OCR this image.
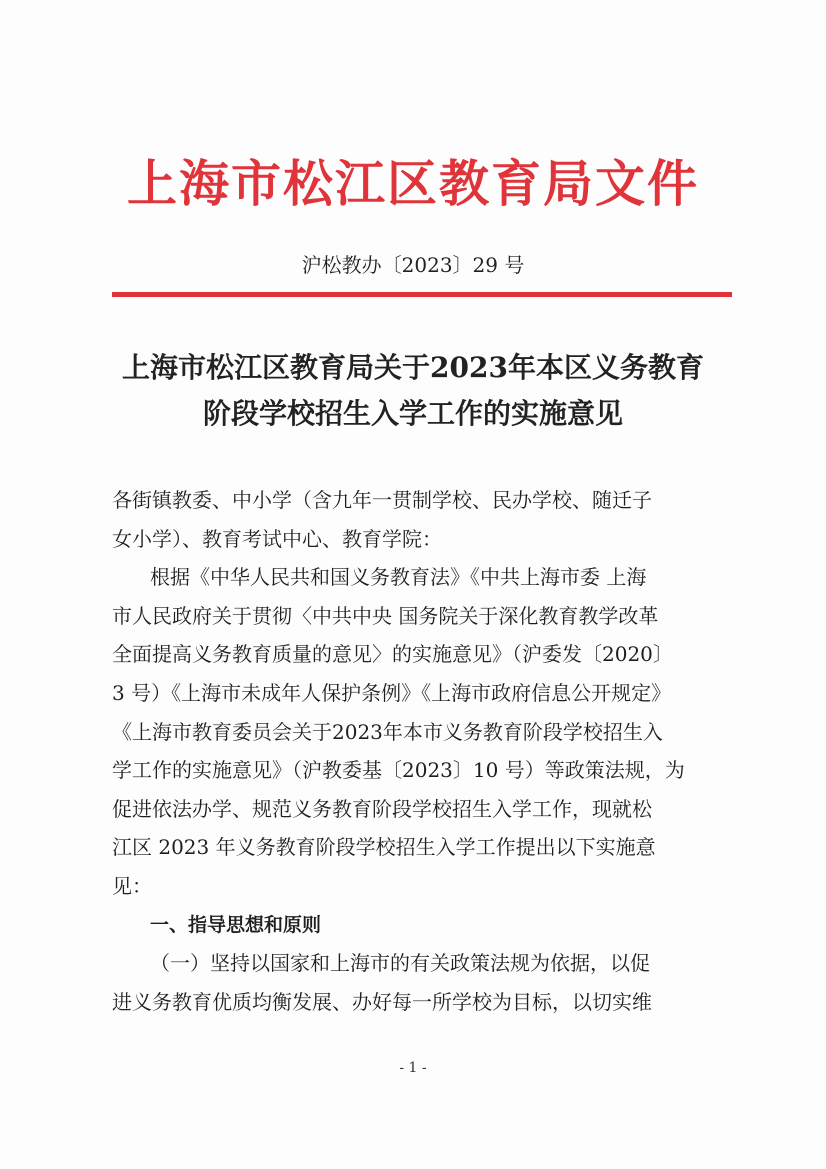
上海市松江区教育局文件
沪松教办〔2023〕29 号
上海市松江区教育局关于2023年本区义务教育
阶段学校招生入学工作的实施意见
各街镇教委、中小学（含九年一贯制学校、民办学校、随迁子
女小学）、教育考试中心、教育学院：
根据《中华人民共和国义务教育法》《中共上海市委 上海
市人民政府关于贯彻〈中共中央 国务院关于深化教育教学改革
全面提高义务教育质量的意见〉的实施意见》（沪委发〔2020〕
3 号）《上海市未成年人保护条例》《上海市政府信息公开规定》
《上海市教育委员会关于2023年本市义务教育阶段学校招生入
学工作的实施意见》（沪教委基〔2023〕10 号）等政策法规，为
促进依法办学、规范义务教育阶段学校招生入学工作，现就松
江区 2023 年义务教育阶段学校招生入学工作提出以下实施意
见：
一、指导思想和原则
（一）坚持以国家和上海市的有关政策法规为依据，以促
进义务教育优质均衡发展、办好每一所学校为目标，以切实维
- 1 -
